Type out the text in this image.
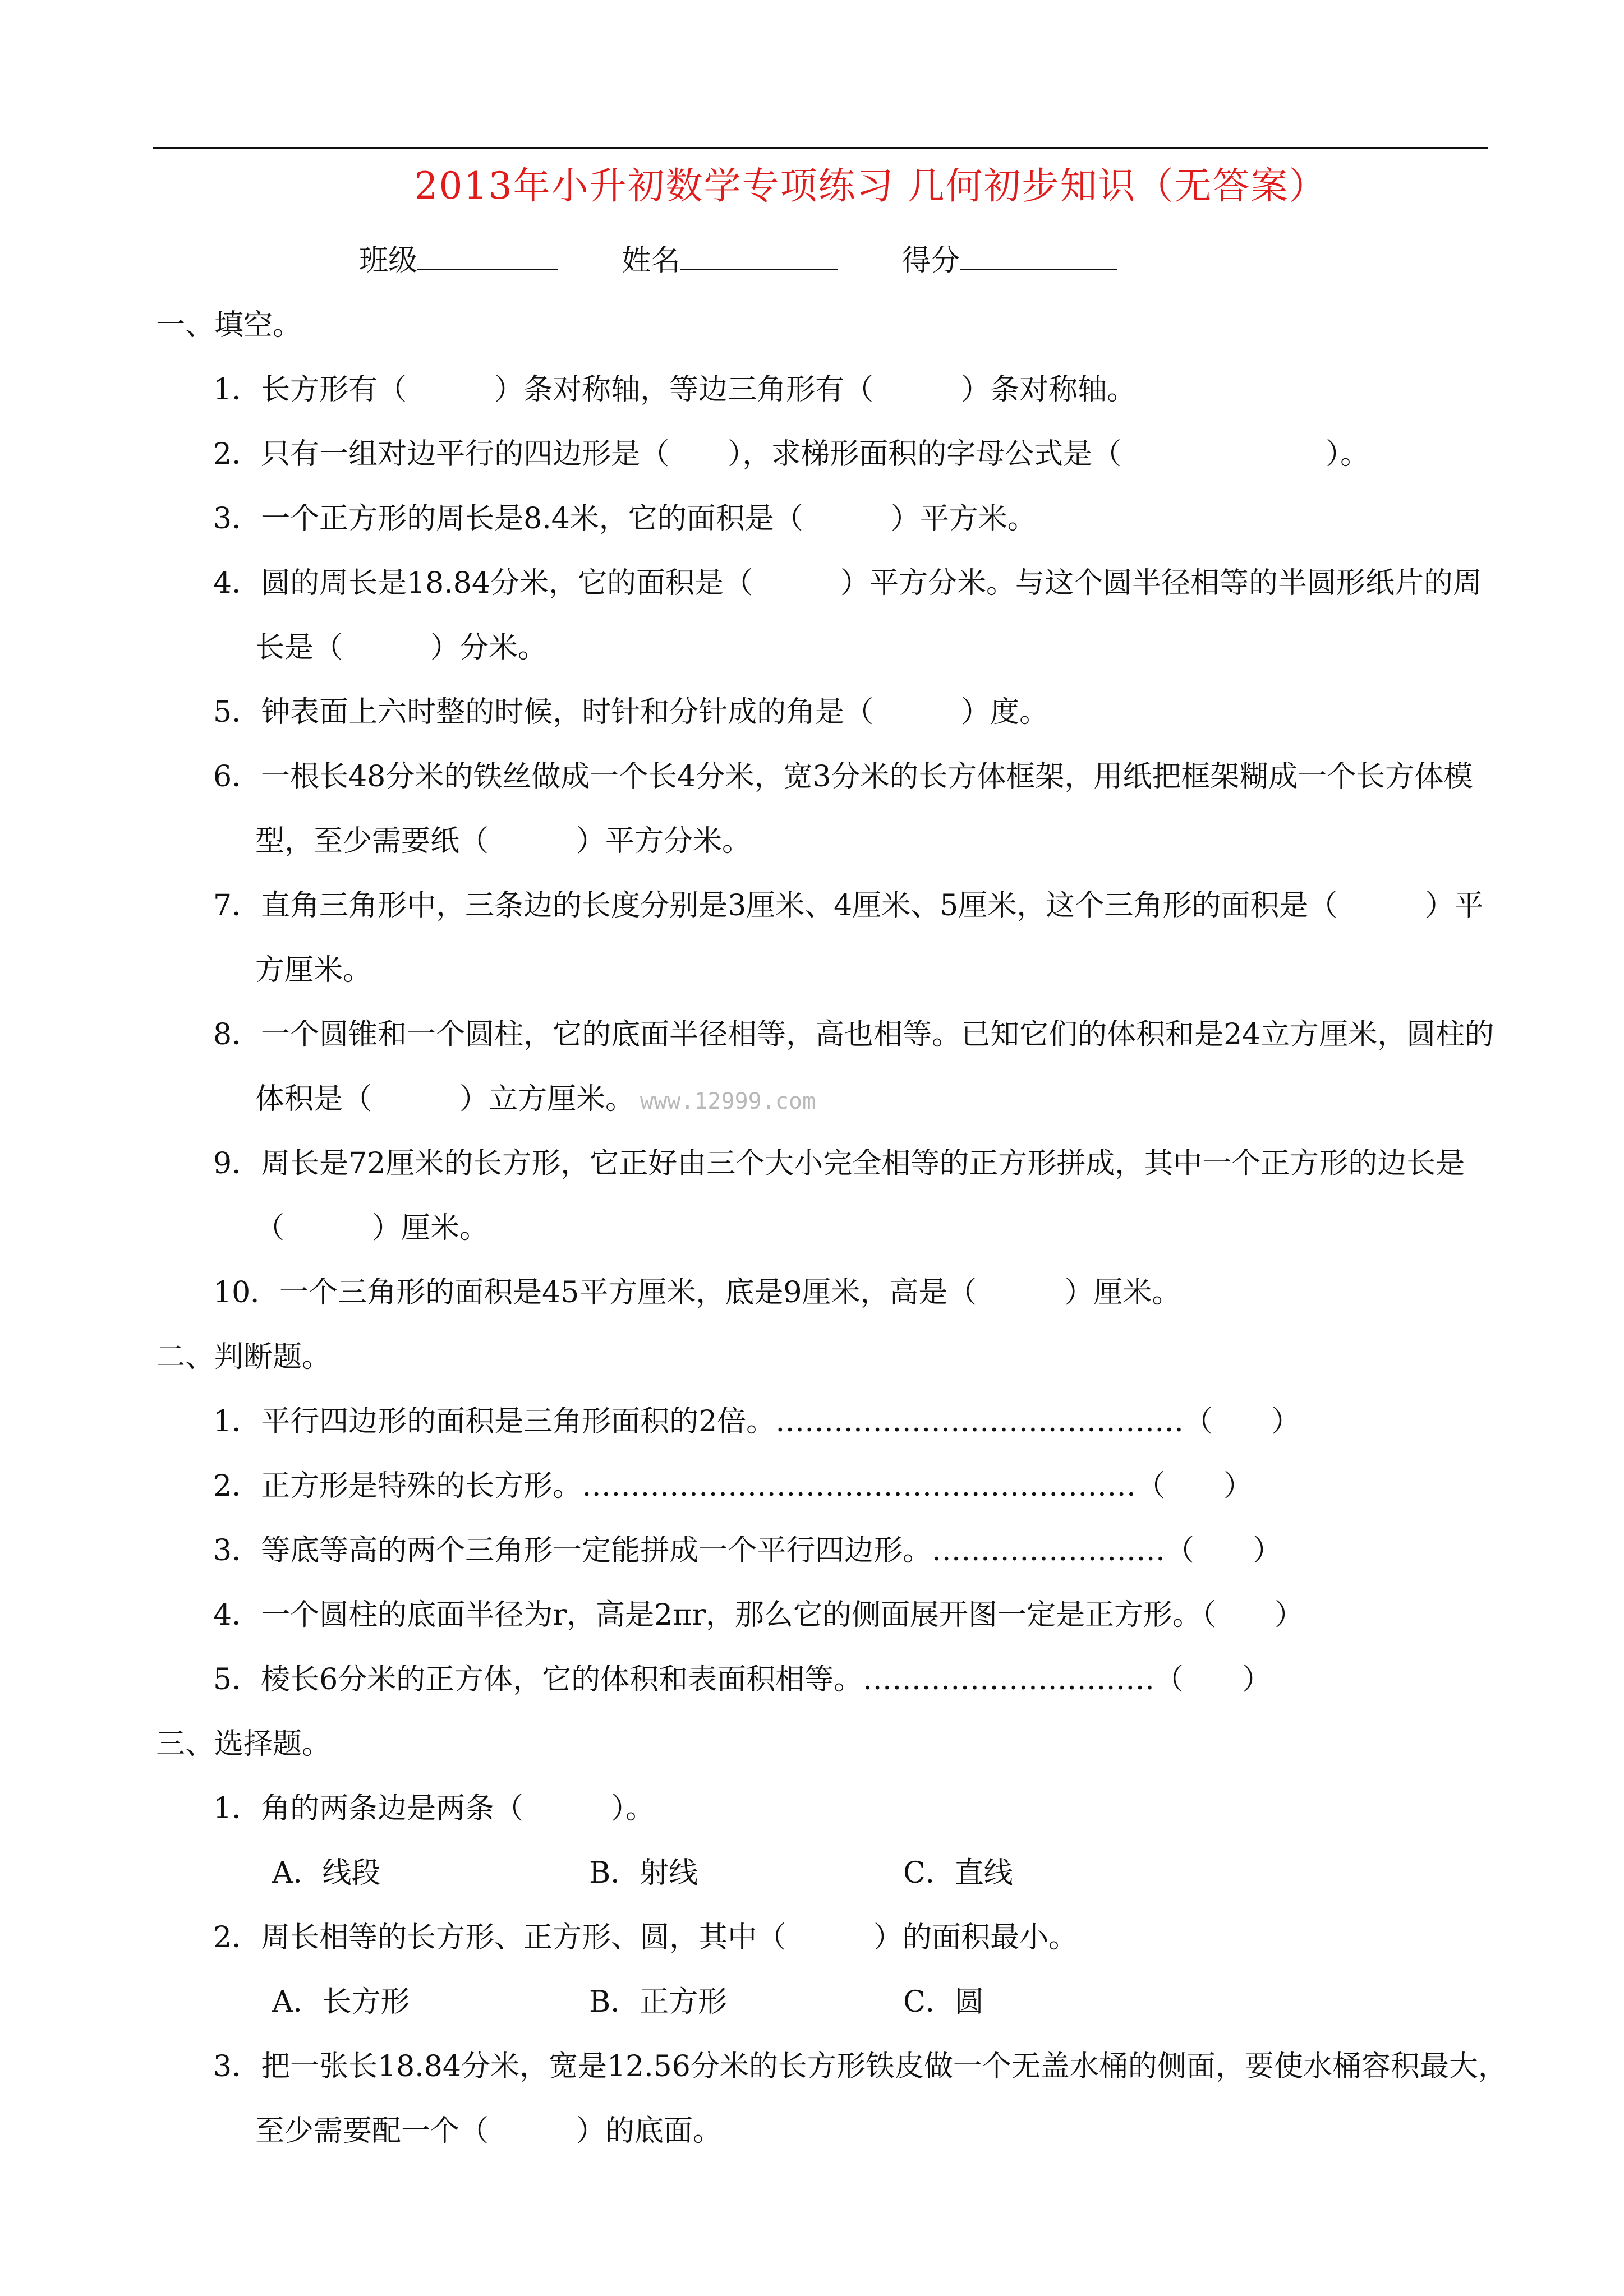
2013年小升初数学专项练习 几何初步知识（无答案）
班级	姓名	得分
一、填空。
1．长方形有（　　　）条对称轴，等边三角形有（　　　）条对称轴。
2．只有一组对边平行的四边形是（　　），求梯形面积的字母公式是（　　　　　　　）。
3．一个正方形的周长是8.4米，它的面积是（　　　）平方米。
4．圆的周长是18.84分米，它的面积是（　　　）平方分米。与这个圆半径相等的半圆形纸片的周
长是（　　　）分米。
5．钟表面上六时整的时候，时针和分针成的角是（　　　）度。
6．一根长48分米的铁丝做成一个长4分米，宽3分米的长方体框架，用纸把框架糊成一个长方体模
型，至少需要纸（　　　）平方分米。
7．直角三角形中，三条边的长度分别是3厘米、4厘米、5厘米，这个三角形的面积是（　　　）平
方厘米。
8．一个圆锥和一个圆柱，它的底面半径相等，高也相等。已知它们的体积和是24立方厘米，圆柱的
体积是（　　　）立方厘米。 www.12999.com
9．周长是72厘米的长方形，它正好由三个大小完全相等的正方形拼成，其中一个正方形的边长是
（　　　）厘米。
10．一个三角形的面积是45平方厘米，底是9厘米，高是（　　　）厘米。
二、判断题。
1．平行四边形的面积是三角形面积的2倍。……………………………………（　　）
2．正方形是特殊的长方形。…………………………………………………（　　）
3．等底等高的两个三角形一定能拼成一个平行四边形。……………………（　　）
4．一个圆柱的底面半径为r，高是2πr，那么它的侧面展开图一定是正方形。（　　）
5．棱长6分米的正方体，它的体积和表面积相等。…………………………（　　）
三、选择题。
1．角的两条边是两条（　　　）。
A．线段	B．射线	C．直线
2．周长相等的长方形、正方形、圆，其中（　　　）的面积最小。
A．长方形	B．正方形	C．圆
3．把一张长18.84分米，宽是12.56分米的长方形铁皮做一个无盖水桶的侧面，要使水桶容积最大，
至少需要配一个（　　　）的底面。
